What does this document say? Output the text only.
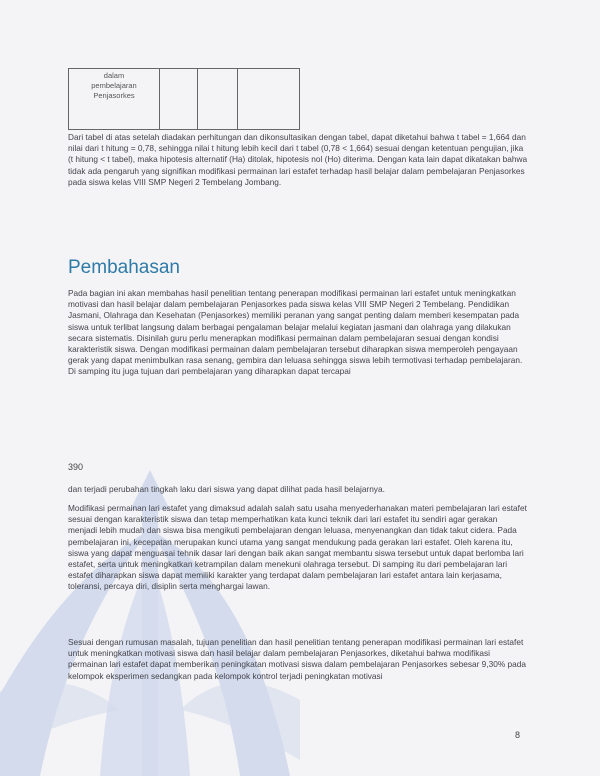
dalam
pembelajaran
Penjasorkes

Dari tabel di atas setelah diadakan perhitungan dan dikonsultasikan dengan tabel, dapat diketahui bahwa t tabel = 1,664 dan nilai dari t hitung = 0,78, sehingga nilai t hitung lebih kecil dari t tabel (0,78 < 1,664) sesuai dengan ketentuan pengujian, jika (t hitung < t tabel), maka hipotesis alternatif (Ha) ditolak, hipotesis nol (Ho) diterima. Dengan kata lain dapat dikatakan bahwa tidak ada pengaruh yang signifikan modifikasi permainan lari estafet terhadap hasil belajar dalam pembelajaran Penjasorkes pada siswa kelas VIII SMP Negeri 2 Tembelang Jombang.

Pembahasan

Pada bagian ini akan membahas hasil penelitian tentang penerapan modifikasi permainan lari estafet untuk meningkatkan motivasi dan hasil belajar dalam pembelajaran Penjasorkes pada siswa kelas VIII SMP Negeri 2 Tembelang. Pendidikan Jasmani, Olahraga dan Kesehatan (Penjasorkes) memiliki peranan yang sangat penting dalam memberi kesempatan pada siswa untuk terlibat langsung dalam berbagai pengalaman belajar melalui kegiatan jasmani dan olahraga yang dilakukan secara sistematis. Disinilah guru perlu menerapkan modifikasi permainan dalam pembelajaran sesuai dengan kondisi karakteristik siswa. Dengan modifikasi permainan dalam pembelajaran tersebut diharapkan siswa memperoleh pengayaan gerak yang dapat menimbulkan rasa senang, gembira dan leluasa sehingga siswa lebih termotivasi terhadap pembelajaran. Di samping itu juga tujuan dari pembelajaran yang diharapkan dapat tercapai

390

dan terjadi perubahan tingkah laku dari siswa yang dapat dilihat pada hasil belajarnya.

Modifikasi permainan lari estafet yang dimaksud adalah salah satu usaha menyederhanakan materi pembelajaran lari estafet sesuai dengan karakteristik siswa dan tetap memperhatikan kata kunci teknik dari lari estafet itu sendiri agar gerakan menjadi lebih mudah dan siswa bisa mengikuti pembelajaran dengan leluasa, menyenangkan dan tidak takut cidera. Pada pembelajaran ini, kecepatan merupakan kunci utama yang sangat mendukung pada gerakan lari estafet. Oleh karena itu, siswa yang dapat menguasai tehnik dasar lari dengan baik akan sangat membantu siswa tersebut untuk dapat berlomba lari estafet, serta untuk meningkatkan ketrampilan dalam menekuni olahraga tersebut. Di samping itu dari pembelajaran lari estafet diharapkan siswa dapat memiliki karakter yang terdapat dalam pembelajaran lari estafet antara lain kerjasama, toleransi, percaya diri, disiplin serta menghargai lawan.

Sesuai dengan rumusan masalah, tujuan penelitian dan hasil penelitian tentang penerapan modifikasi permainan lari estafet untuk meningkatkan motivasi siswa dan hasil belajar dalam pembelajaran Penjasorkes, diketahui bahwa modifikasi permainan lari estafet dapat memberikan peningkatan motivasi siswa dalam pembelajaran Penjasorkes sebesar 9,30% pada kelompok eksperimen sedangkan pada kelompok kontrol terjadi peningkatan motivasi

8
